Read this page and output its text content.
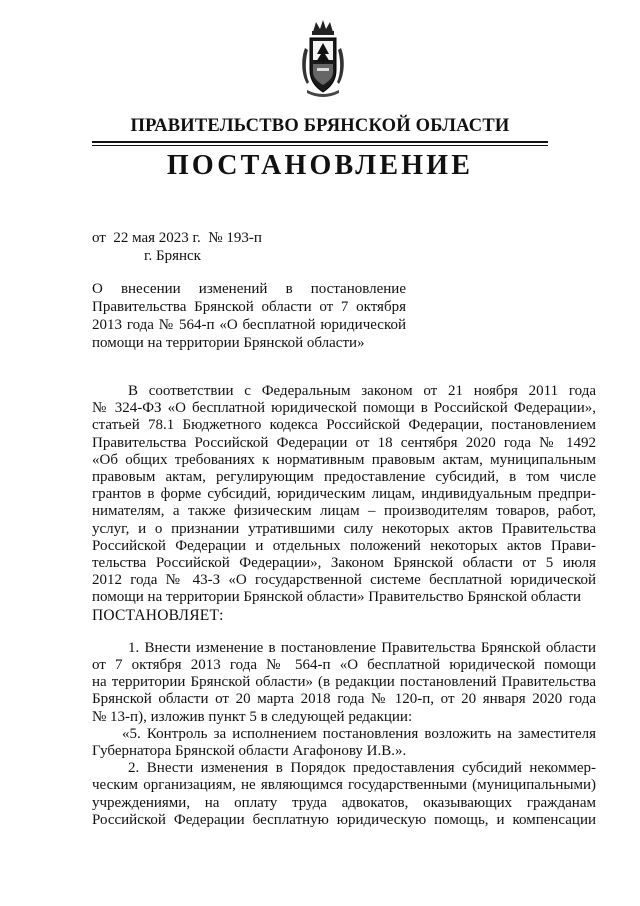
ПРАВИТЕЛЬСТВО БРЯНСКОЙ ОБЛАСТИ
ПОСТАНОВЛЕНИЕ
от  22 мая 2023 г.  № 193-п
г. Брянск
О внесении изменений в постановление
Правительства Брянской области от 7 октября
2013 года № 564-п «О бесплатной юридической
помощи на территории Брянской области»
В соответствии с Федеральным законом от 21 ноября 2011 года
№ 324-ФЗ «О бесплатной юридической помощи в Российской Федерации»,
статьей 78.1 Бюджетного кодекса Российской Федерации, постановлением
Правительства Российской Федерации от 18 сентября 2020 года № 1492
«Об общих требованиях к нормативным правовым актам, муниципальным
правовым актам, регулирующим предоставление субсидий, в том числе
грантов в форме субсидий, юридическим лицам, индивидуальным предпри-
нимателям, а также физическим лицам – производителям товаров, работ,
услуг, и о признании утратившими силу некоторых актов Правительства
Российской Федерации и отдельных положений некоторых актов Прави-
тельства Российской Федерации», Законом Брянской области от 5 июля
2012 года № 43-З «О государственной системе бесплатной юридической
помощи на территории Брянской области» Правительство Брянской области
ПОСТАНОВЛЯЕТ:
1. Внести изменение в постановление Правительства Брянской области
от 7 октября 2013 года № 564-п «О бесплатной юридической помощи
на территории Брянской области» (в редакции постановлений Правительства
Брянской области от 20 марта 2018 года № 120-п, от 20 января 2020 года
№ 13-п), изложив пункт 5 в следующей редакции:
«5. Контроль за исполнением постановления возложить на заместителя
Губернатора Брянской области Агафонову И.В.».
2. Внести изменения в Порядок предоставления субсидий некоммер-
ческим организациям, не являющимся государственными (муниципальными)
учреждениями, на оплату труда адвокатов, оказывающих гражданам
Российской Федерации бесплатную юридическую помощь, и компенсации
